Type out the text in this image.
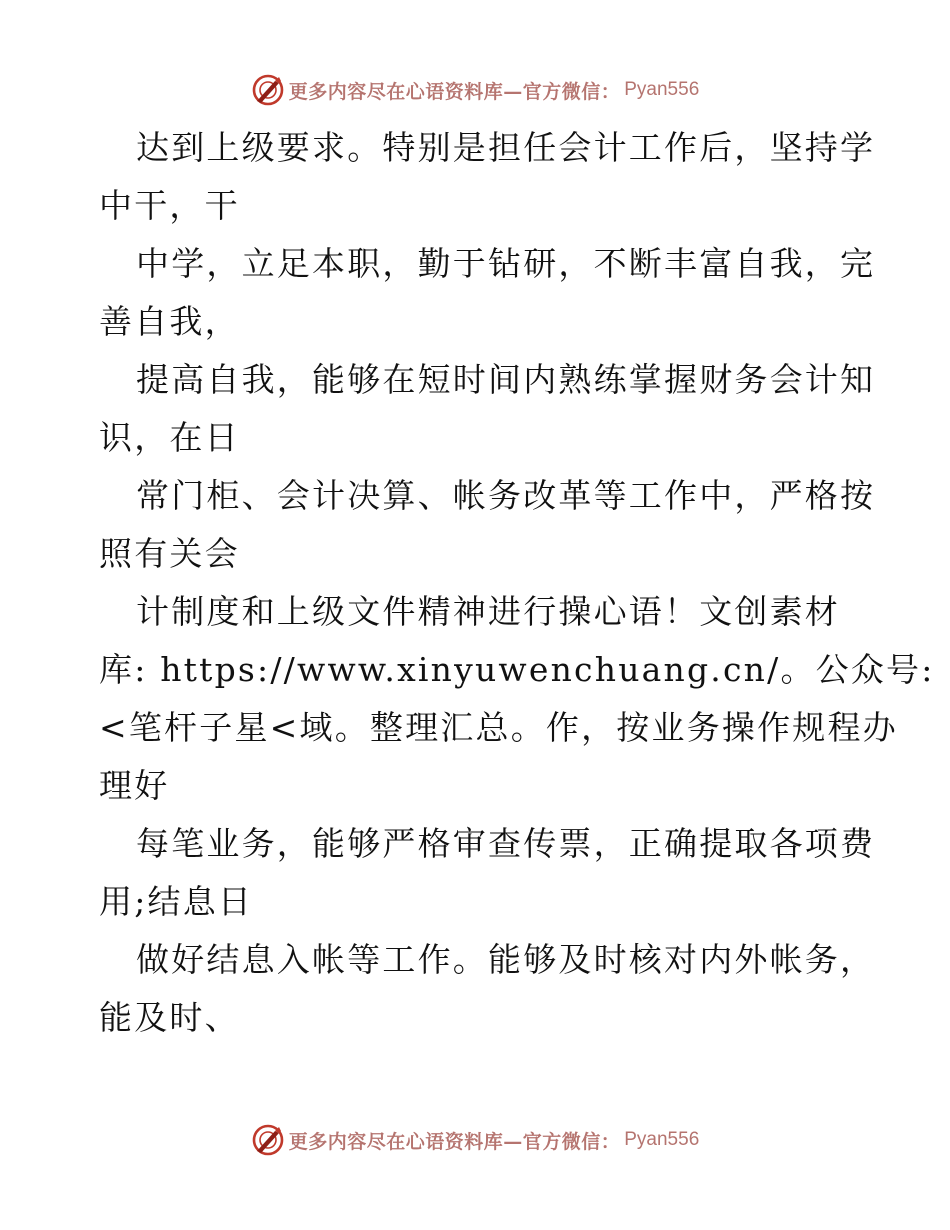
更多内容尽在心语资料库—官方微信： Pyan556
达到上级要求。特别是担任会计工作后，坚持学
中干，干
中学，立足本职，勤于钻研，不断丰富自我，完
善自我，
提高自我，能够在短时间内熟练掌握财务会计知
识，在日
常门柜、会计决算、帐务改革等工作中，严格按
照有关会
计制度和上级文件精神进行操心语！文创素材
库: https://www.xinyuwenchuang.cn/。公众号:
<笔杆子星<域。整理汇总。作，按业务操作规程办
理好
每笔业务，能够严格审查传票，正确提取各项费
用;结息日
做好结息入帐等工作。能够及时核对内外帐务，
能及时、
更多内容尽在心语资料库—官方微信： Pyan556
